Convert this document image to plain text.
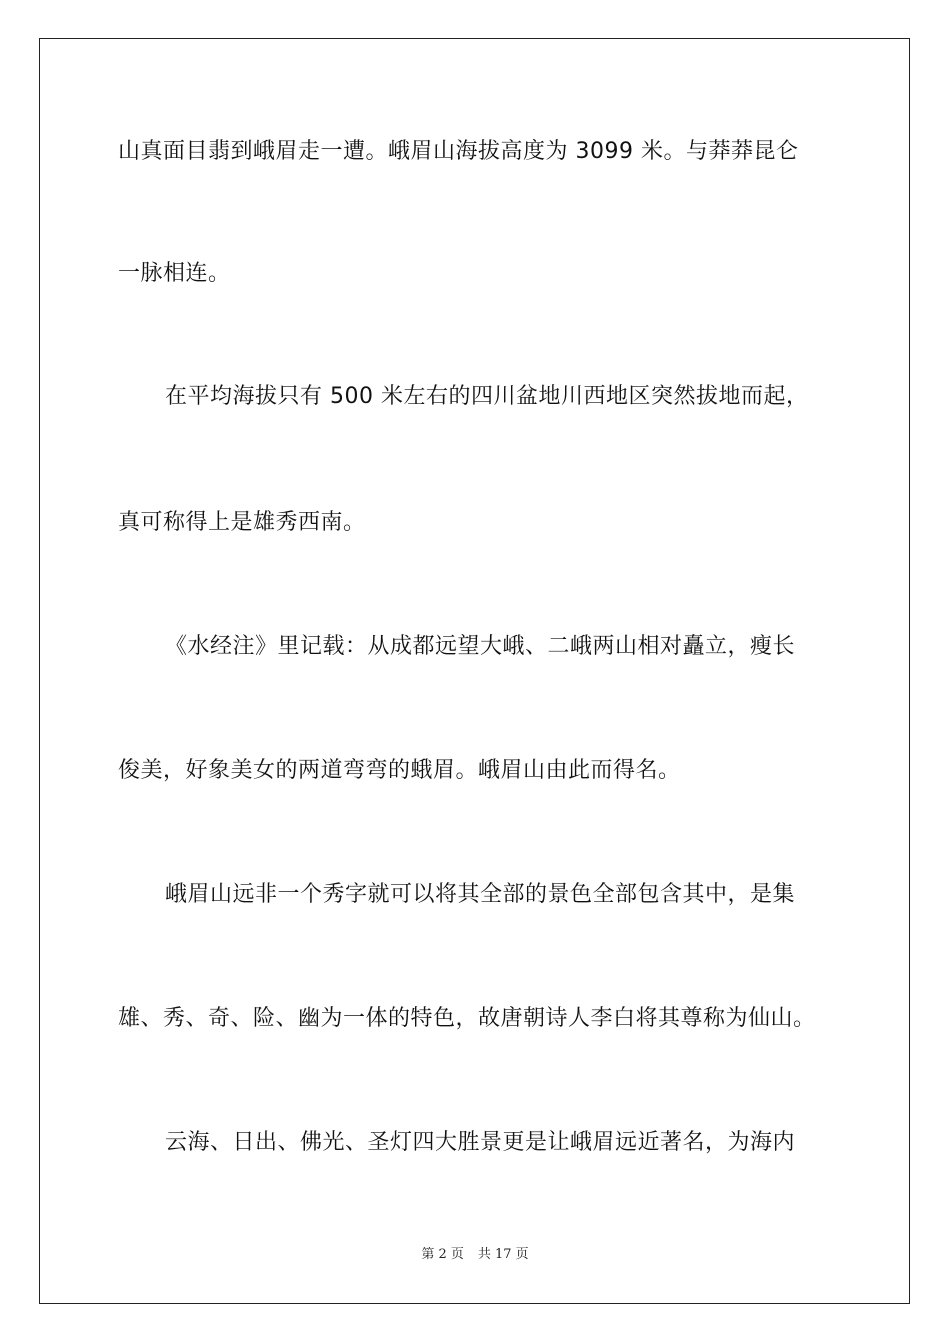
山真面目翡到峨眉走一遭。峨眉山海拔高度为 3099 米。与莽莽昆仑
一脉相连。
在平均海拔只有 500 米左右的四川盆地川西地区突然拔地而起，
真可称得上是雄秀西南。
《水经注》里记载：从成都远望大峨、二峨两山相对矗立，瘦长
俊美，好象美女的两道弯弯的蛾眉。峨眉山由此而得名。
峨眉山远非一个秀字就可以将其全部的景色全部包含其中，是集
雄、秀、奇、险、幽为一体的特色，故唐朝诗人李白将其尊称为仙山。
云海、日出、佛光、圣灯四大胜景更是让峨眉远近著名，为海内
第 2 页 共 17 页
